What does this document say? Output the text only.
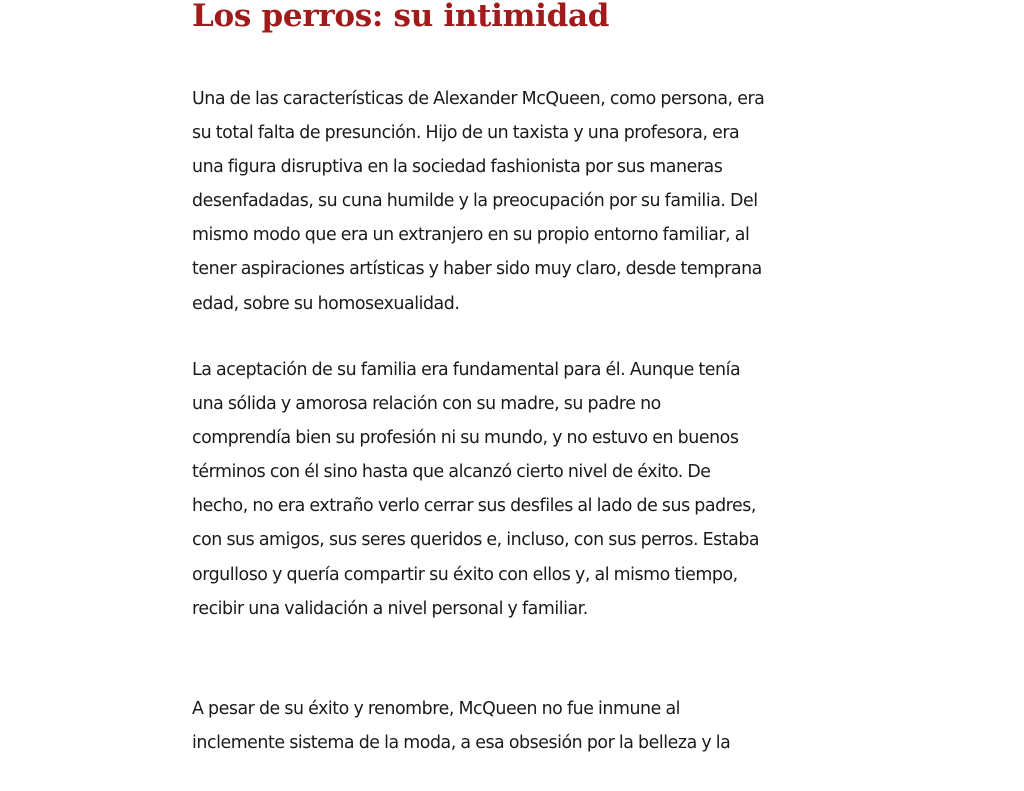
Los perros: su intimidad

Una de las características de Alexander McQueen, como persona, era
su total falta de presunción. Hijo de un taxista y una profesora, era
una figura disruptiva en la sociedad fashionista por sus maneras
desenfadadas, su cuna humilde y la preocupación por su familia. Del
mismo modo que era un extranjero en su propio entorno familiar, al
tener aspiraciones artísticas y haber sido muy claro, desde temprana
edad, sobre su homosexualidad.

La aceptación de su familia era fundamental para él. Aunque tenía
una sólida y amorosa relación con su madre, su padre no
comprendía bien su profesión ni su mundo, y no estuvo en buenos
términos con él sino hasta que alcanzó cierto nivel de éxito. De
hecho, no era extraño verlo cerrar sus desfiles al lado de sus padres,
con sus amigos, sus seres queridos e, incluso, con sus perros. Estaba
orgulloso y quería compartir su éxito con ellos y, al mismo tiempo,
recibir una validación a nivel personal y familiar.

A pesar de su éxito y renombre, McQueen no fue inmune al
inclemente sistema de la moda, a esa obsesión por la belleza y la
